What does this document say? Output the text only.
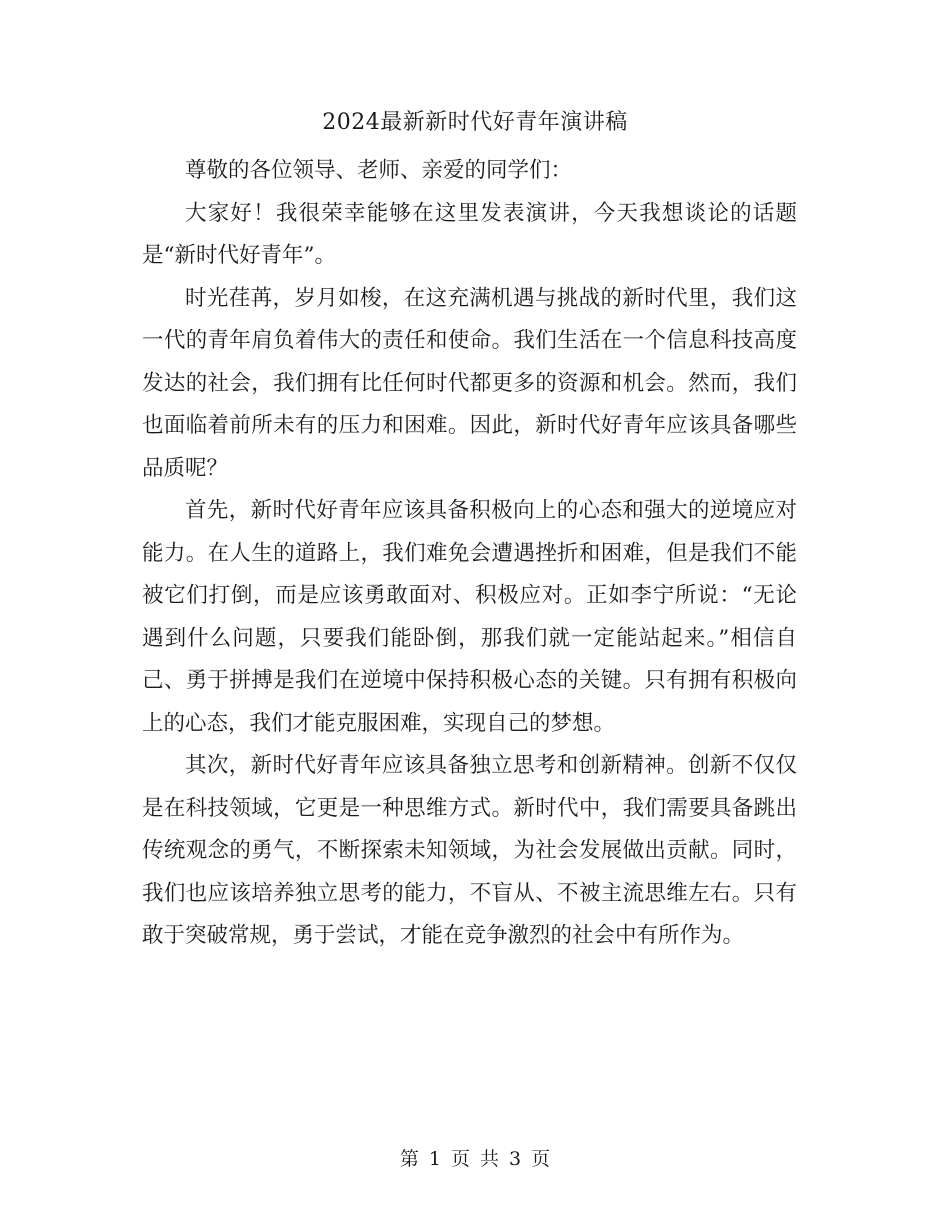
2024最新新时代好青年演讲稿

尊敬的各位领导、老师、亲爱的同学们：

大家好！我很荣幸能够在这里发表演讲，今天我想谈论的话题是“新时代好青年”。

时光荏苒，岁月如梭，在这充满机遇与挑战的新时代里，我们这一代的青年肩负着伟大的责任和使命。我们生活在一个信息科技高度发达的社会，我们拥有比任何时代都更多的资源和机会。然而，我们也面临着前所未有的压力和困难。因此，新时代好青年应该具备哪些品质呢？

首先，新时代好青年应该具备积极向上的心态和强大的逆境应对能力。在人生的道路上，我们难免会遭遇挫折和困难，但是我们不能被它们打倒，而是应该勇敢面对、积极应对。正如李宁所说：“无论遇到什么问题，只要我们能卧倒，那我们就一定能站起来。”相信自己、勇于拼搏是我们在逆境中保持积极心态的关键。只有拥有积极向上的心态，我们才能克服困难，实现自己的梦想。

其次，新时代好青年应该具备独立思考和创新精神。创新不仅仅是在科技领域，它更是一种思维方式。新时代中，我们需要具备跳出传统观念的勇气，不断探索未知领域，为社会发展做出贡献。同时，我们也应该培养独立思考的能力，不盲从、不被主流思维左右。只有敢于突破常规，勇于尝试，才能在竞争激烈的社会中有所作为。

第 1 页 共 3 页
